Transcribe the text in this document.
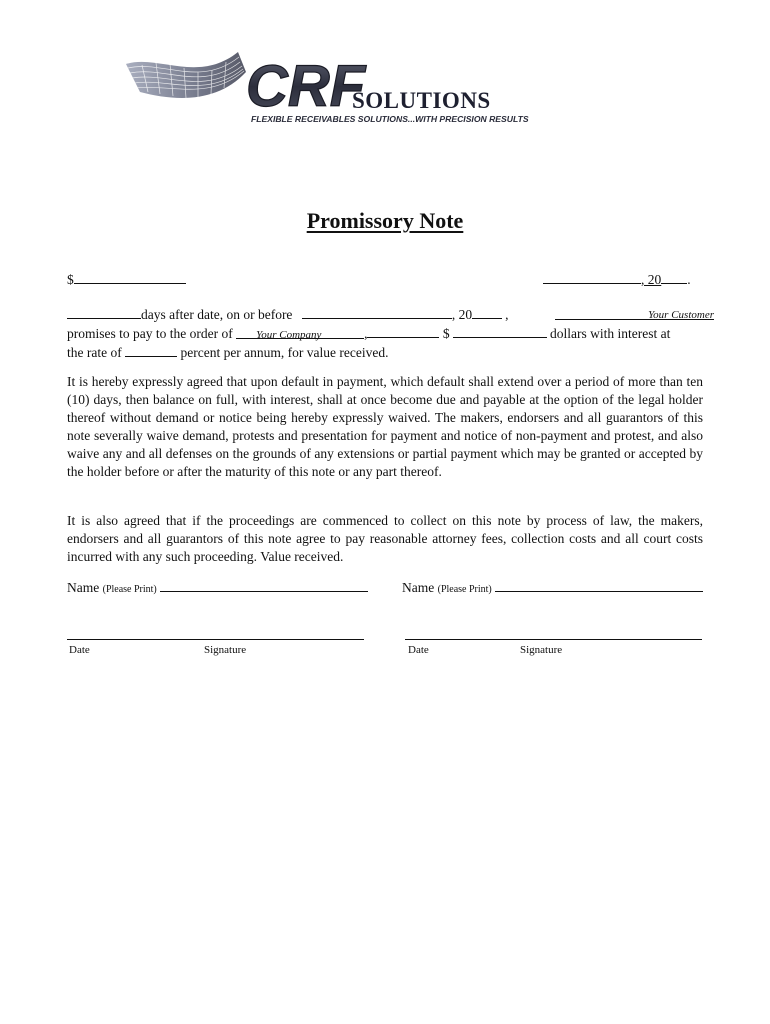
CRF
SOLUTIONS
FLEXIBLE RECEIVABLES SOLUTIONS...WITH PRECISION RESULTS
Promissory Note
$	, 20 .
days after date, on or before	, 20 ,	Your Customer
promises to pay to the order of Your Company	,	$	dollars with interest at
the rate of	percent per annum, for value received.
It is hereby expressly agreed that upon default in payment, which default shall extend over a period of more than ten (10) days, then balance on full, with interest, shall at once become due and payable at the option of the legal holder thereof without demand or notice being hereby expressly waived. The makers, endorsers and all guarantors of this note severally waive demand, protests and presentation for payment and notice of non-payment and protest, and also waive any and all defenses on the grounds of any extensions or partial payment which may be granted or accepted by the holder before or after the maturity of this note or any part thereof.
It is also agreed that if the proceedings are commenced to collect on this note by process of law, the makers, endorsers and all guarantors of this note agree to pay reasonable attorney fees, collection costs and all court costs incurred with any such proceeding. Value received.
Name (Please Print)	Name (Please Print)
Date	Signature	Date	Signature
